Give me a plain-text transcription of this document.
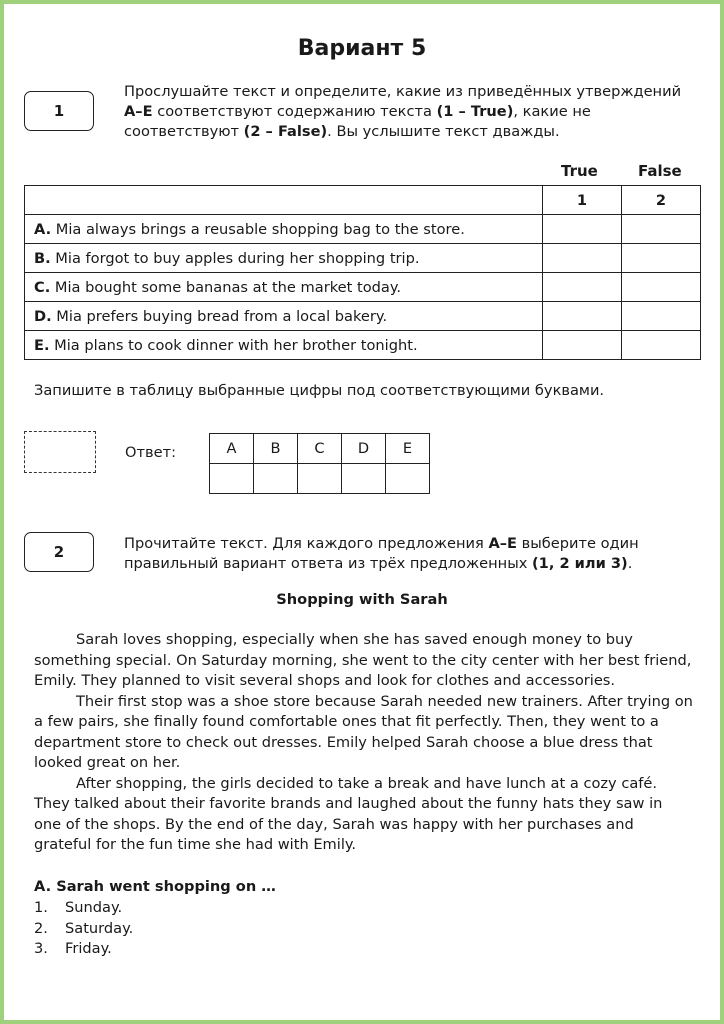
Вариант 5
1
Прослушайте текст и определите, какие из приведённых утверждений А–Е соответствуют содержанию текста (1 – True), какие не соответствуют (2 – False). Вы услышите текст дважды.
True	False
	1	2
A. Mia always brings a reusable shopping bag to the store.		
B. Mia forgot to buy apples during her shopping trip.		
C. Mia bought some bananas at the market today.		
D. Mia prefers buying bread from a local bakery.		
E. Mia plans to cook dinner with her brother tonight.		
Запишите в таблицу выбранные цифры под соответствующими буквами.
Ответ:	A	B	C	D	E

2	Прочитайте текст. Для каждого предложения А–Е выберите один правильный вариант ответа из трёх предложенных (1, 2 или 3).
Shopping with Sarah

Sarah loves shopping, especially when she has saved enough money to buy something special. On Saturday morning, she went to the city center with her best friend, Emily. They planned to visit several shops and look for clothes and accessories.

Their first stop was a shoe store because Sarah needed new trainers. After trying on a few pairs, she finally found comfortable ones that fit perfectly. Then, they went to a department store to check out dresses. Emily helped Sarah choose a blue dress that looked great on her.

After shopping, the girls decided to take a break and have lunch at a cozy café. They talked about their favorite brands and laughed about the funny hats they saw in one of the shops. By the end of the day, Sarah was happy with her purchases and grateful for the fun time she had with Emily.

A. Sarah went shopping on …
1. Sunday.
2. Saturday.
3. Friday.
